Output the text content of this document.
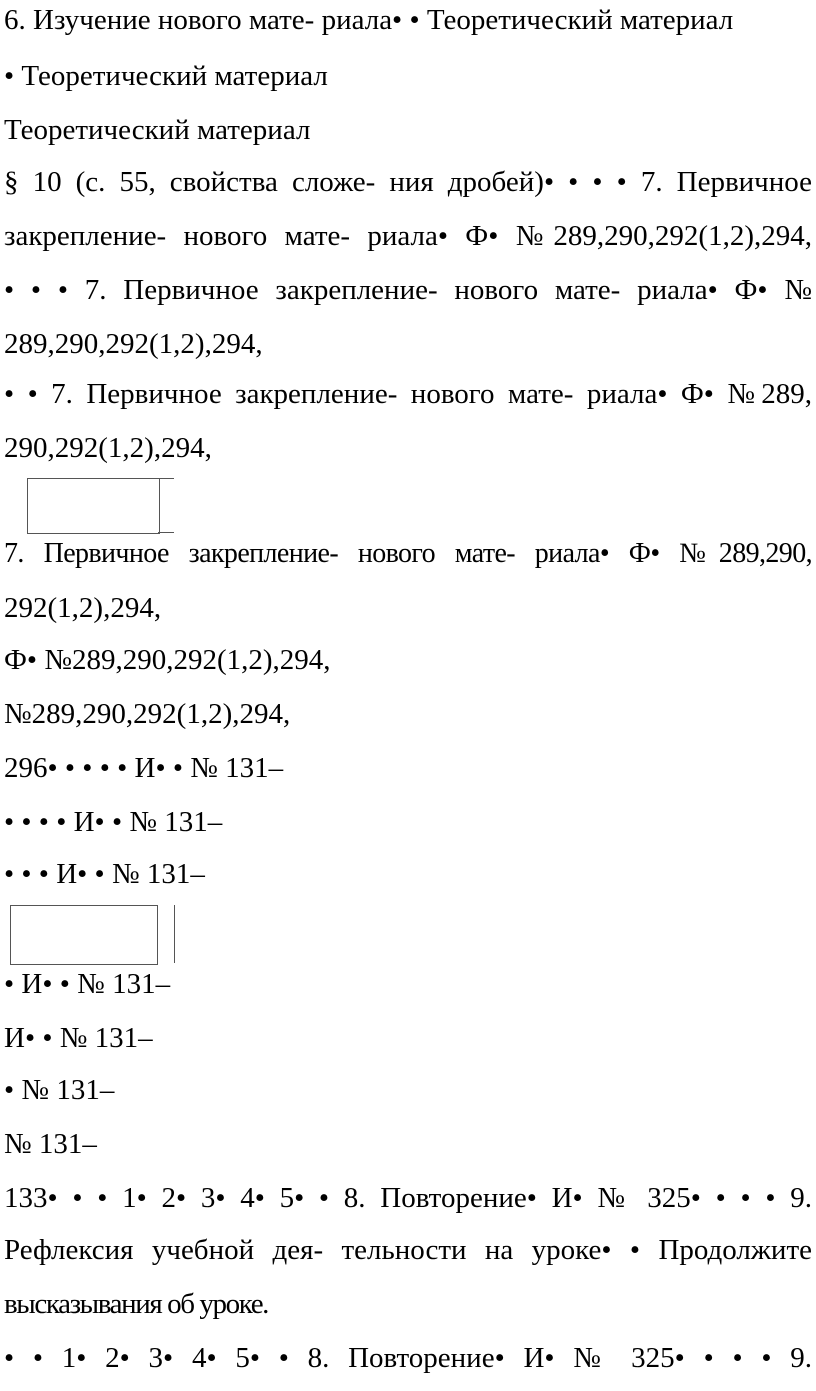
6. Изучение нового мате- риала• • Теоретический материал
• Теоретический материал
Теоретический материал
§ 10 (с. 55, свойства сложе- ния дробей)• • • • 7. Первичное
закрепление- нового мате- риала• Ф• №289,290,292(1,2),294,
• • • 7. Первичное закрепление- нового мате- риала• Ф• №
289,290,292(1,2),294,
• • 7. Первичное закрепление- нового мате- риала• Ф• №289,
290,292(1,2),294,
7. Первичное закрепление- нового мате- риала• Ф• №289,290,
292(1,2),294,
Ф• №289,290,292(1,2),294,
№289,290,292(1,2),294,
296• • • • • И• • № 131–
• • • • И• • № 131–
• • • И• • № 131–
• И• • № 131–
И• • № 131–
• № 131–
№ 131–
133• • • 1• 2• 3• 4• 5• • 8. Повторение• И• № 325• • • • 9.
Рефлексия учебной дея- тельности на уроке• • Продолжите
высказывания об уроке.
• • 1• 2• 3• 4• 5• • 8. Повторение• И• № 325• • • • 9.
